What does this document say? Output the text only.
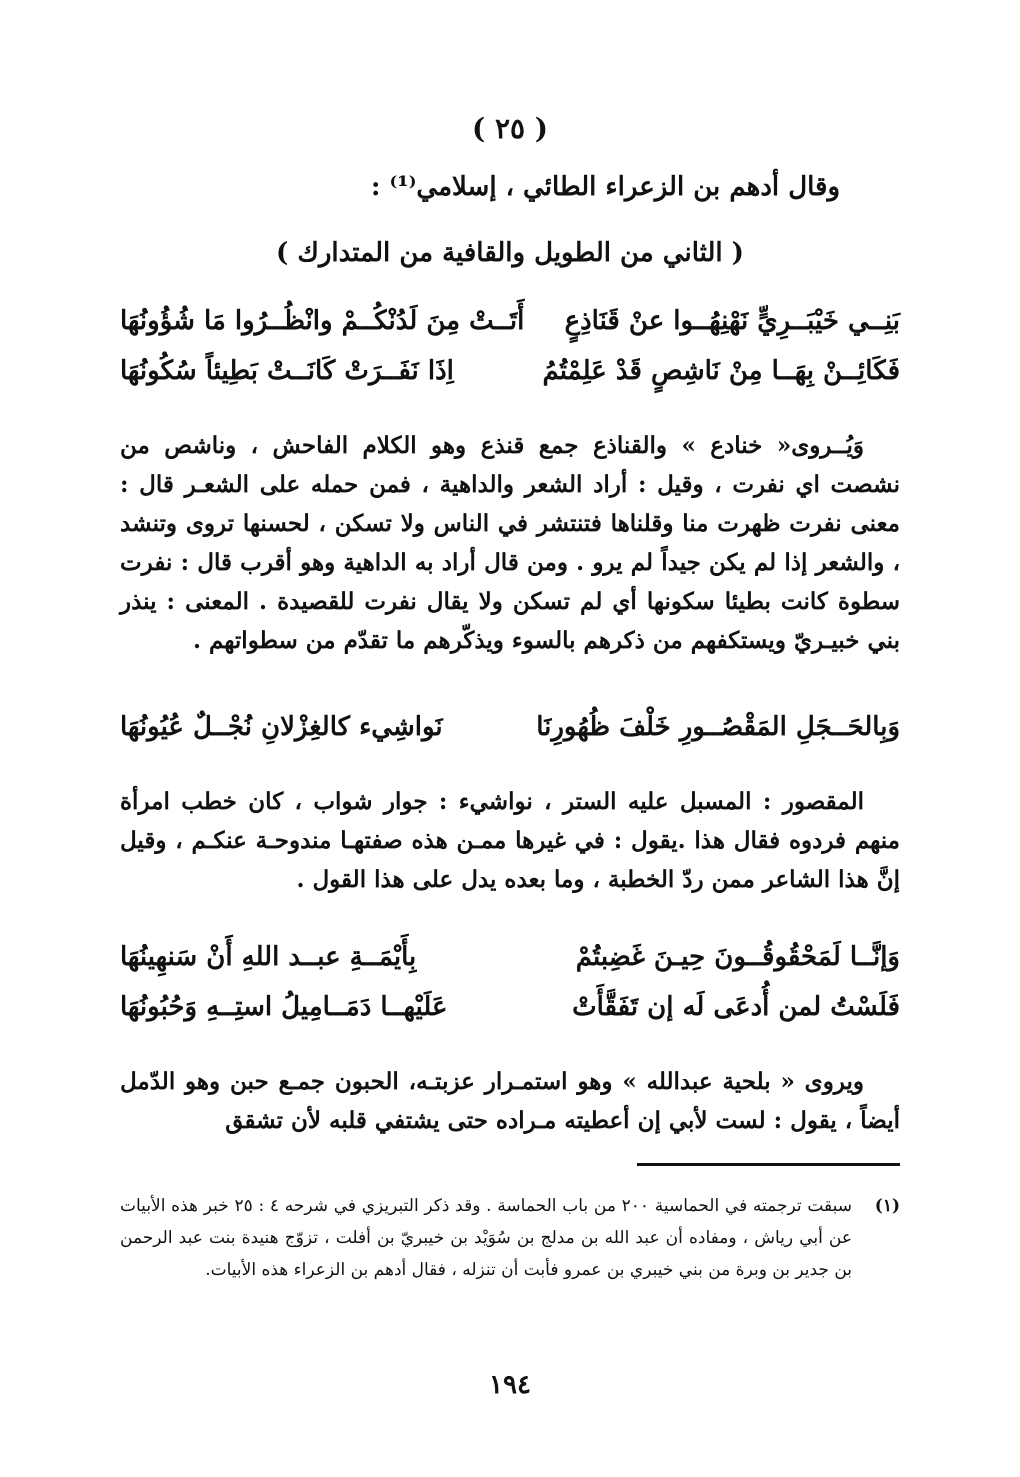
( ٢٥ )
وقال أدهم بن الزعراء الطائي ، إسلامي⁽¹⁾ :
( الثاني من الطويل والقافية من المتدارك )
بَنِــي خَيْبَــرِيٍّ نَهْنِهُــوا عنْ قَنَاذِعٍ
أَتَــتْ مِنَ لَدُنْكُــمْ وانْظُــرُوا مَا شُؤُونُهَا
فَكَائِــنْ بِهَــا مِنْ نَاشِصٍ قَدْ عَلِمْتُمُ
اِذَا نَفَــرَتْ كَانَــتْ بَطِيئاً سُكُونُهَا

وَيُــروى« خنادع » والقناذع جمع قنذع وهو الكلام الفاحش ، وناشص من نشصت اي نفرت ، وقيل : أراد الشعر والداهية ، فمن حمله على الشعـر قال : معنى نفرت ظهرت منا وقلناها فتنتشر في الناس ولا تسكن ، لحسنها تروى وتنشد ، والشعر إذا لم يكن جيداً لم يرو . ومن قال أراد به الداهية وهو أقرب قال : نفرت سطوة كانت بطيئا سكونها أي لم تسكن ولا يقال نفرت للقصيدة . المعنى : ينذر بني خبيـريّ ويستكفهم من ذكرهم بالسوء ويذكّرهم ما تقدّم من سطواتهم .

وَبِالحَــجَلِ المَقْصُــورِ خَلْفَ ظُهُورِنَا
نَواشِيء كالغِزْلانِ نُجْــلٌ عُيُونُهَا

المقصور : المسبل عليه الستر ، نواشيء : جوار شواب ، كان خطب امرأة منهم فردوه فقال هذا .يقول : في غيرها ممـن هذه صفتهـا مندوحـة عنكـم ، وقيل إنَّ هذا الشاعر ممن ردّ الخطبة ، وما بعده يدل على هذا القول .

وَإنَّــا لَمَحْقُوقُــونَ حِيـنَ غَضِبتُمْ
بِأَيْمَــةِ عبــد اللهِ أَنْ سَنهِينُهَا
فَلَسْتُ لمن أُدعَى لَه إن تَفَقَّأَتْ
عَلَيْهــا دَمَــامِيلُ استِــهِ وَحُبُونُهَا

ويروى « بلحية عبدالله » وهو استمـرار عزبتـه، الحبون جمـع حبن وهو الدّمل أيضاً ، يقول : لست لأبي إن أعطيته مـراده حتى يشتفي قلبه لأن تشقق

(١)
سبقت ترجمته في الحماسية ٢٠٠ من باب الحماسة . وقد ذكر التبريزي في شرحه ٤ : ٢٥ خبر هذه الأبيات عن أبي رياش ، ومفاده أن عبد الله بن مدلج بن سُوَيْد بن خيبريّ بن أفلت ، تزوّج هنيدة بنت عبد الرحمن بن جدير بن وبرة من بني خيبري بن عمرو فأبت أن تنزله ، فقال أدهم بن الزعراء هذه الأبيات.
١٩٤
